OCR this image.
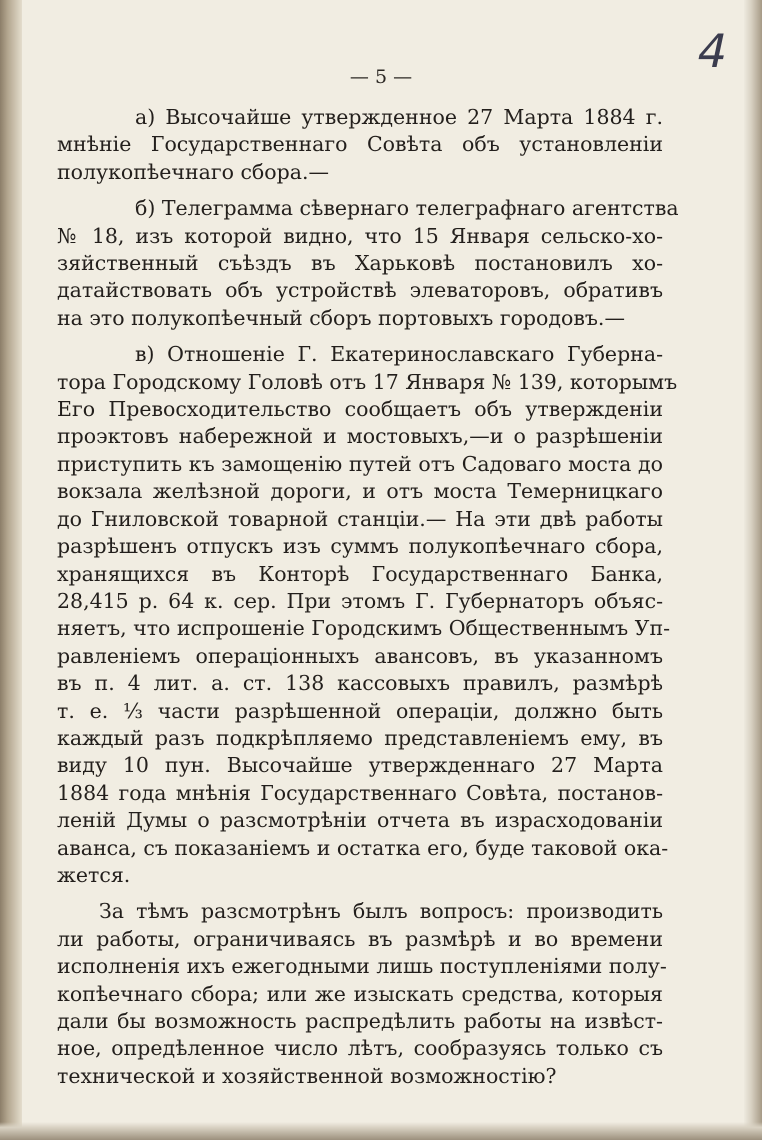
4

— 5 —

а) Высочайше утвержденное 27 Марта 1884 г.
мнѣніе Государственнаго Совѣта объ установленіи
полукопѣечнаго сбора.—

б) Телеграмма сѣвернаго телеграфнаго агентства
№ 18, изъ которой видно, что 15 Января сельско-хо-
зяйственный съѣздъ въ Харьковѣ постановилъ хо-
датайствовать объ устройствѣ элеваторовъ, обративъ
на это полукопѣечный сборъ портовыхъ городовъ.—

в) Отношеніе Г. Екатеринославскаго Губерна-
тора Городскому Головѣ отъ 17 Января № 139, которымъ
Его Превосходительство сообщаетъ объ утвержденіи
проэктовъ набережной и мостовыхъ,—и о разрѣшеніи
приступить къ замощенію путей отъ Садоваго моста до
вокзала желѣзной дороги, и отъ моста Темерницкаго
до Гниловской товарной станціи.— На эти двѣ работы
разрѣшенъ отпускъ изъ суммъ полукопѣечнаго сбора,
хранящихся въ Конторѣ Государственнаго Банка,
28,415 р. 64 к. сер. При этомъ Г. Губернаторъ объяс-
няетъ, что испрошеніе Городскимъ Общественнымъ Уп-
равленіемъ операціонныхъ авансовъ, въ указанномъ
въ п. 4 лит. а. ст. 138 кассовыхъ правилъ, размѣрѣ
т. е. ⅓ части разрѣшенной операціи, должно быть
каждый разъ подкрѣпляемо представленіемъ ему, въ
виду 10 пун. Высочайше утвержденнаго 27 Марта
1884 года мнѣнія Государственнаго Совѣта, постанов-
леній Думы о разсмотрѣніи отчета въ израсходованіи
аванса, съ показаніемъ и остатка его, буде таковой ока-
жется.

За тѣмъ разсмотрѣнъ былъ вопросъ: производить
ли работы, ограничиваясь въ размѣрѣ и во времени
исполненія ихъ ежегодными лишь поступленіями полу-
копѣечнаго сбора; или же изыскать средства, которыя
дали бы возможность распредѣлить работы на извѣст-
ное, опредѣленное число лѣтъ, сообразуясь только съ
технической и хозяйственной возможностію?
